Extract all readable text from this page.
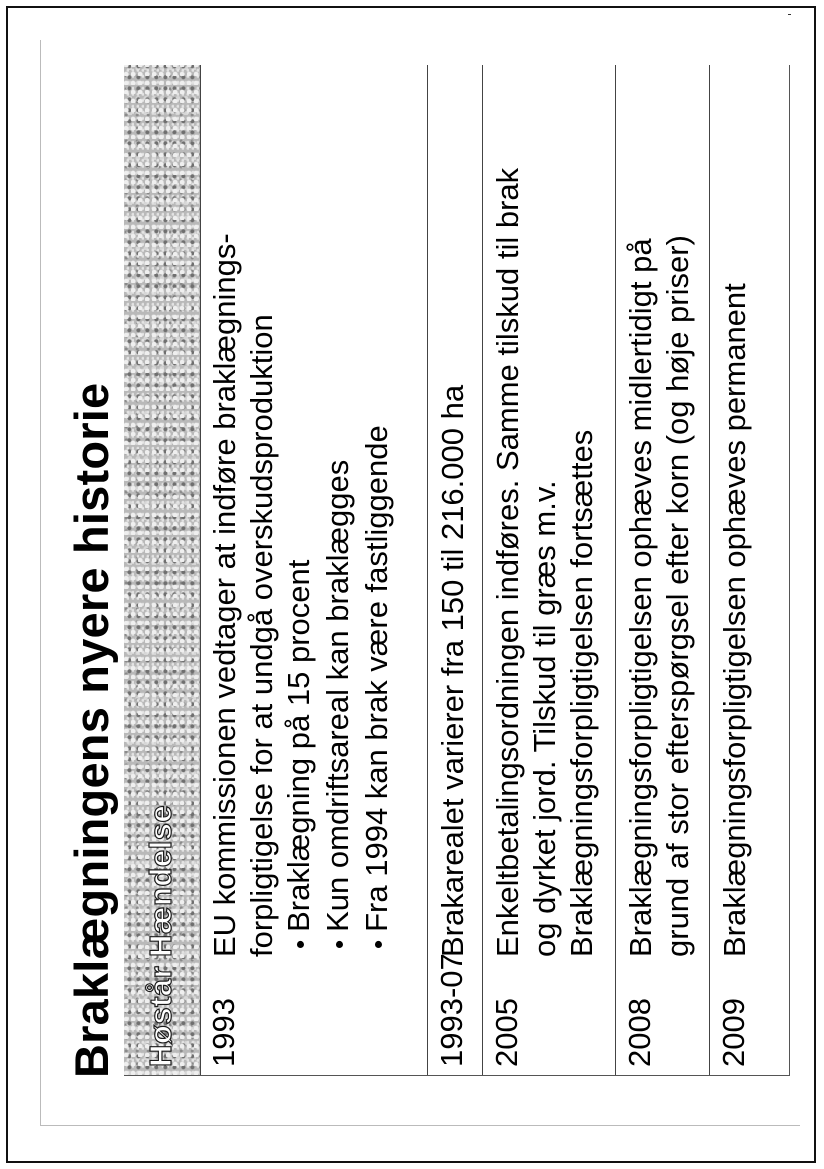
Braklægningens nyere historie Høstår
Hændelse
1993
EU kommissionen vedtager at indføre braklægnings- forpligtigelse for at undgå overskudsproduktion • Braklægning på 15 procent • Kun omdriftsareal kan braklægges • Fra 1994 kan brak være fastliggende
1993-07
Brakarealet varierer fra 150 til 216.000 ha
2005
Enkeltbetalingsordningen indføres. Samme tilskud til brak og dyrket jord. Tilskud til græs m.v. Braklægningsforpligtigelsen fortsættes
2008
Braklægningsforpligtigelsen ophæves midlertidigt på grund af stor efterspørgsel efter korn (og høje priser)
2009
Braklægningsforpligtigelsen ophæves permanent
